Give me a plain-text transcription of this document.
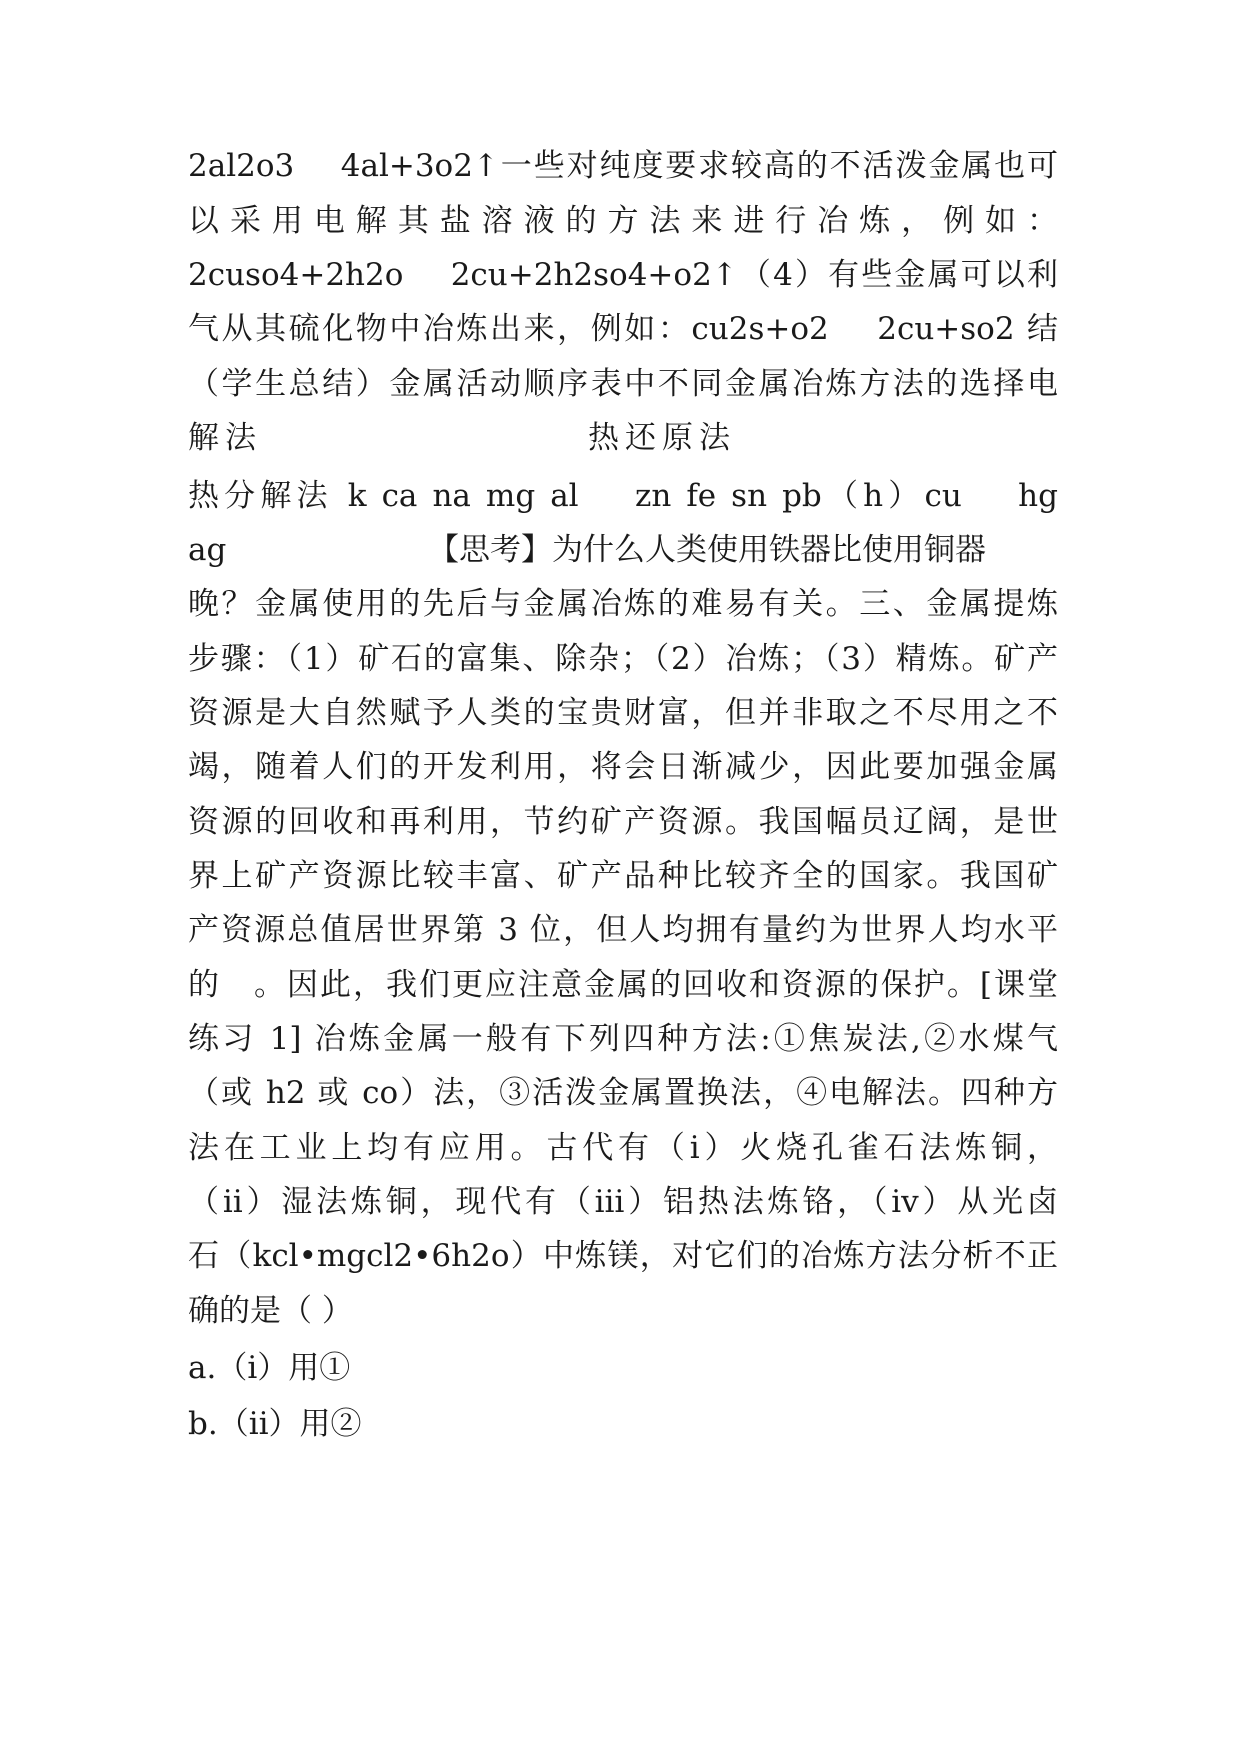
2al2o3　 4al+3o2↑一些对纯度要求较高的不活泼金属也可
以采用电解其盐溶液的方法来进行冶炼，例如：
2cuso4+2h2o　 2cu+2h2so4+o2↑（4）有些金属可以利
气从其硫化物中冶炼出来，例如：cu2s+o2　 2cu+so2 结
（学生总结）金属活动顺序表中不同金属冶炼方法的选择电

解法

	热还原法

热分解法 k ca na mg al　 zn fe sn pb（h）cu　 hg

ag

	【思考】为什么人类使用铁器比使用铜器

晚？金属使用的先后与金属冶炼的难易有关。三、金属提炼
步骤：（1）矿石的富集、除杂；（2）冶炼；（3）精炼。矿产
资源是大自然赋予人类的宝贵财富，但并非取之不尽用之不
竭，随着人们的开发利用，将会日渐减少，因此要加强金属
资源的回收和再利用，节约矿产资源。我国幅员辽阔，是世
界上矿产资源比较丰富、矿产品种比较齐全的国家。我国矿
产资源总值居世界第 3 位，但人均拥有量约为世界人均水平
的　。因此，我们更应注意金属的回收和资源的保护。[课堂
练习 1] 冶炼金属一般有下列四种方法:①焦炭法,②水煤气
（或 h2 或 co）法，③活泼金属置换法，④电解法。四种方
法在工业上均有应用。古代有（ⅰ）火烧孔雀石法炼铜，
（ⅱ）湿法炼铜，现代有（ⅲ）铝热法炼铬，（ⅳ）从光卤
石（kcl•mgcl2•6h2o）中炼镁，对它们的冶炼方法分析不正
确的是（ ）
a.（ⅰ）用①
b.（ⅱ）用②
